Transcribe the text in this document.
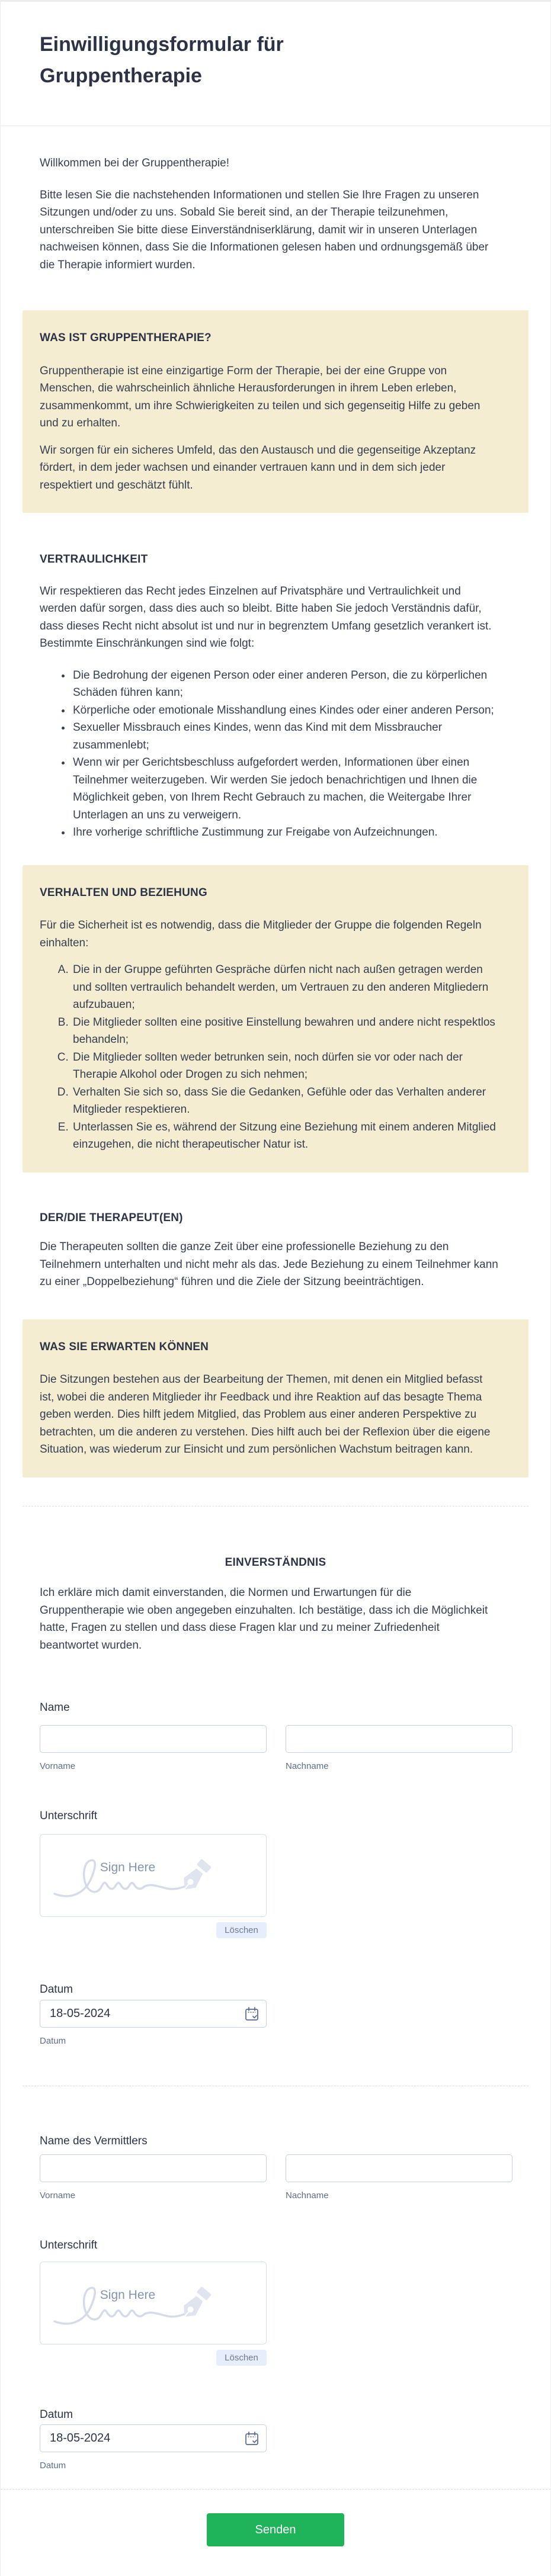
Einwilligungsformular für Gruppentherapie

Willkommen bei der Gruppentherapie!

Bitte lesen Sie die nachstehenden Informationen und stellen Sie Ihre Fragen zu unseren Sitzungen und/oder zu uns. Sobald Sie bereit sind, an der Therapie teilzunehmen, unterschreiben Sie bitte diese Einverständniserklärung, damit wir in unseren Unterlagen nachweisen können, dass Sie die Informationen gelesen haben und ordnungsgemäß über die Therapie informiert wurden.

WAS IST GRUPPENTHERAPIE?

Gruppentherapie ist eine einzigartige Form der Therapie, bei der eine Gruppe von Menschen, die wahrscheinlich ähnliche Herausforderungen in ihrem Leben erleben, zusammenkommt, um ihre Schwierigkeiten zu teilen und sich gegenseitig Hilfe zu geben und zu erhalten.

Wir sorgen für ein sicheres Umfeld, das den Austausch und die gegenseitige Akzeptanz fördert, in dem jeder wachsen und einander vertrauen kann und in dem sich jeder respektiert und geschätzt fühlt.

VERTRAULICHKEIT

Wir respektieren das Recht jedes Einzelnen auf Privatsphäre und Vertraulichkeit und werden dafür sorgen, dass dies auch so bleibt. Bitte haben Sie jedoch Verständnis dafür, dass dieses Recht nicht absolut ist und nur in begrenztem Umfang gesetzlich verankert ist. Bestimmte Einschränkungen sind wie folgt:

• Die Bedrohung der eigenen Person oder einer anderen Person, die zu körperlichen Schäden führen kann;
• Körperliche oder emotionale Misshandlung eines Kindes oder einer anderen Person;
• Sexueller Missbrauch eines Kindes, wenn das Kind mit dem Missbraucher zusammenlebt;
• Wenn wir per Gerichtsbeschluss aufgefordert werden, Informationen über einen Teilnehmer weiterzugeben. Wir werden Sie jedoch benachrichtigen und Ihnen die Möglichkeit geben, von Ihrem Recht Gebrauch zu machen, die Weitergabe Ihrer Unterlagen an uns zu verweigern.
• Ihre vorherige schriftliche Zustimmung zur Freigabe von Aufzeichnungen.
VERHALTEN UND BEZIEHUNG

Für die Sicherheit ist es notwendig, dass die Mitglieder der Gruppe die folgenden Regeln einhalten:

A. Die in der Gruppe geführten Gespräche dürfen nicht nach außen getragen werden und sollten vertraulich behandelt werden, um Vertrauen zu den anderen Mitgliedern aufzubauen;
B. Die Mitglieder sollten eine positive Einstellung bewahren und andere nicht respektlos behandeln;
C. Die Mitglieder sollten weder betrunken sein, noch dürfen sie vor oder nach der Therapie Alkohol oder Drogen zu sich nehmen;
D. Verhalten Sie sich so, dass Sie die Gedanken, Gefühle oder das Verhalten anderer Mitglieder respektieren.
E. Unterlassen Sie es, während der Sitzung eine Beziehung mit einem anderen Mitglied einzugehen, die nicht therapeutischer Natur ist.
DER/DIE THERAPEUT(EN)

Die Therapeuten sollten die ganze Zeit über eine professionelle Beziehung zu den Teilnehmern unterhalten und nicht mehr als das. Jede Beziehung zu einem Teilnehmer kann zu einer „Doppelbeziehung“ führen und die Ziele der Sitzung beeinträchtigen.

WAS SIE ERWARTEN KÖNNEN

Die Sitzungen bestehen aus der Bearbeitung der Themen, mit denen ein Mitglied befasst ist, wobei die anderen Mitglieder ihr Feedback und ihre Reaktion auf das besagte Thema geben werden. Dies hilft jedem Mitglied, das Problem aus einer anderen Perspektive zu betrachten, um die anderen zu verstehen. Dies hilft auch bei der Reflexion über die eigene Situation, was wiederum zur Einsicht und zum persönlichen Wachstum beitragen kann.

EINVERSTÄNDNIS

Ich erkläre mich damit einverstanden, die Normen und Erwartungen für die Gruppentherapie wie oben angegeben einzuhalten. Ich bestätige, dass ich die Möglichkeit hatte, Fragen zu stellen und dass diese Fragen klar und zu meiner Zufriedenheit beantwortet wurden.

Name
Vorname	Nachname
Unterschrift
Sign Here
Löschen
Datum
18-05-2024
Datum
Name des Vermittlers
Vorname	Nachname
Unterschrift
Sign Here
Löschen
Datum
18-05-2024
Datum
Senden
